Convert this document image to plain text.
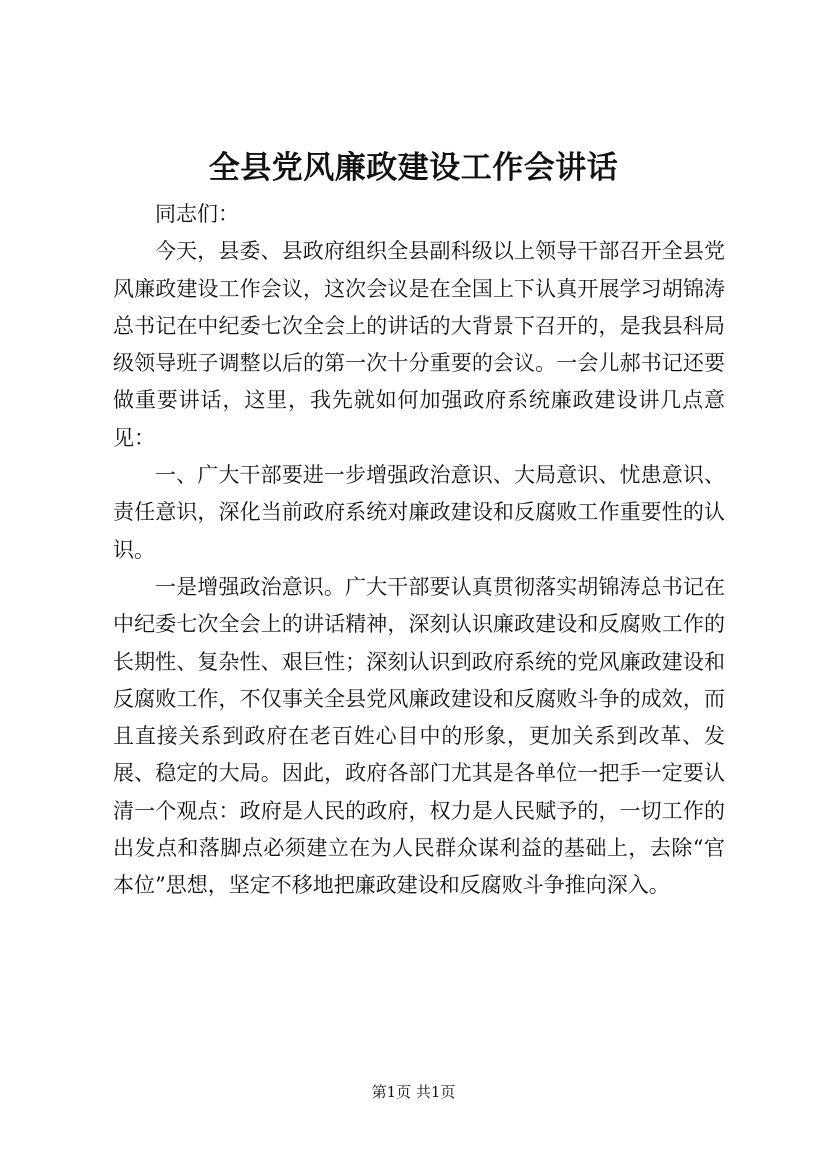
全县党风廉政建设工作会讲话

同志们：

今天，县委、县政府组织全县副科级以上领导干部召开全县党风廉政建设工作会议，这次会议是在全国上下认真开展学习胡锦涛总书记在中纪委七次全会上的讲话的大背景下召开的，是我县科局级领导班子调整以后的第一次十分重要的会议。一会儿郝书记还要做重要讲话，这里，我先就如何加强政府系统廉政建设讲几点意见：

一、广大干部要进一步增强政治意识、大局意识、忧患意识、责任意识，深化当前政府系统对廉政建设和反腐败工作重要性的认识。

一是增强政治意识。广大干部要认真贯彻落实胡锦涛总书记在中纪委七次全会上的讲话精神，深刻认识廉政建设和反腐败工作的长期性、复杂性、艰巨性；深刻认识到政府系统的党风廉政建设和反腐败工作，不仅事关全县党风廉政建设和反腐败斗争的成效，而且直接关系到政府在老百姓心目中的形象，更加关系到改革、发展、稳定的大局。因此，政府各部门尤其是各单位一把手一定要认清一个观点：政府是人民的政府，权力是人民赋予的，一切工作的出发点和落脚点必须建立在为人民群众谋利益的基础上，去除“官本位”思想，坚定不移地把廉政建设和反腐败斗争推向深入。

第1页 共1页
